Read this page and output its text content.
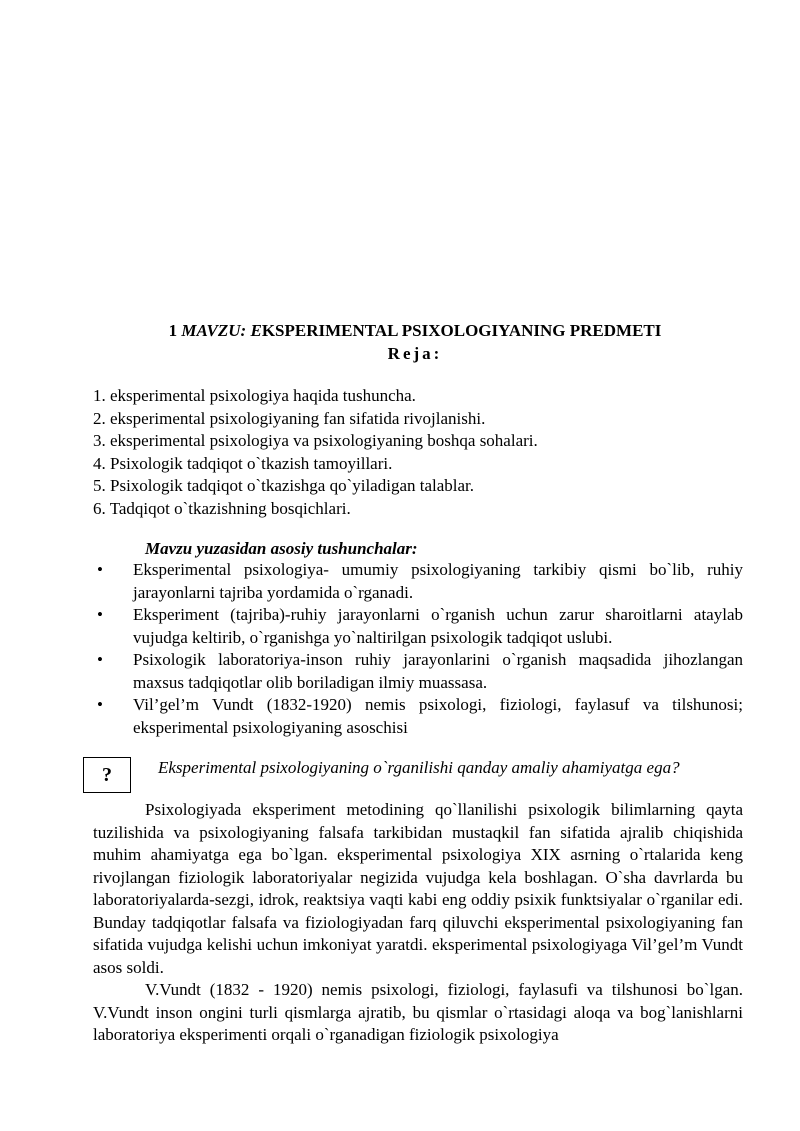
1 MAVZU: EKSPERIMENTAL PSIXOLOGIYANING PREDMETI
Reja:
1. eksperimental psixologiya haqida tushuncha.
2. eksperimental psixologiyaning fan sifatida rivojlanishi.
3. eksperimental psixologiya va psixologiyaning boshqa sohalari.
4. Psixologik tadqiqot o`tkazish tamoyillari.
5. Psixologik tadqiqot o`tkazishga qo`yiladigan talablar.
6. Tadqiqot o`tkazishning bosqichlari.
Mavzu yuzasidan asosiy tushunchalar:
• Eksperimental psixologiya- umumiy psixologiyaning tarkibiy qismi bo`lib, ruhiy jarayonlarni tajriba yordamida o`rganadi.
• Eksperiment (tajriba)-ruhiy jarayonlarni o`rganish uchun zarur sharoitlarni ataylab vujudga keltirib, o`rganishga yo`naltirilgan psixologik tadqiqot uslubi.
• Psixologik laboratoriya-inson ruhiy jarayonlarini o`rganish maqsadida jihozlangan maxsus tadqiqotlar olib boriladigan ilmiy muassasa.
• Vil’gel’m Vundt (1832-1920) nemis psixologi, fiziologi, faylasuf va tilshunosi; eksperimental psixologiyaning asoschisi
?	Eksperimental psixologiyaning o`rganilishi qanday amaliy ahamiyatga ega?

Psixologiyada eksperiment metodining qo`llanilishi psixologik bilimlarning qayta tuzilishida va psixologiyaning falsafa tarkibidan mustaqkil fan sifatida ajralib chiqishida muhim ahamiyatga ega bo`lgan. eksperimental psixologiya XIX asrning o`rtalarida keng rivojlangan fiziologik laboratoriyalar negizida vujudga kela boshlagan. O`sha davrlarda bu laboratoriyalarda-sezgi, idrok, reaktsiya vaqti kabi eng oddiy psixik funktsiyalar o`rganilar edi. Bunday tadqiqotlar falsafa va fiziologiyadan farq qiluvchi eksperimental psixologiyaning fan sifatida vujudga kelishi uchun imkoniyat yaratdi. eksperimental psixologiyaga Vil’gel’m Vundt asos soldi.

V.Vundt (1832 - 1920) nemis psixologi, fiziologi, faylasufi va tilshunosi bo`lgan. V.Vundt inson ongini turli qismlarga ajratib, bu qismlar o`rtasidagi aloqa va bog`lanishlarni laboratoriya eksperimenti orqali o`rganadigan fiziologik psixologiya
